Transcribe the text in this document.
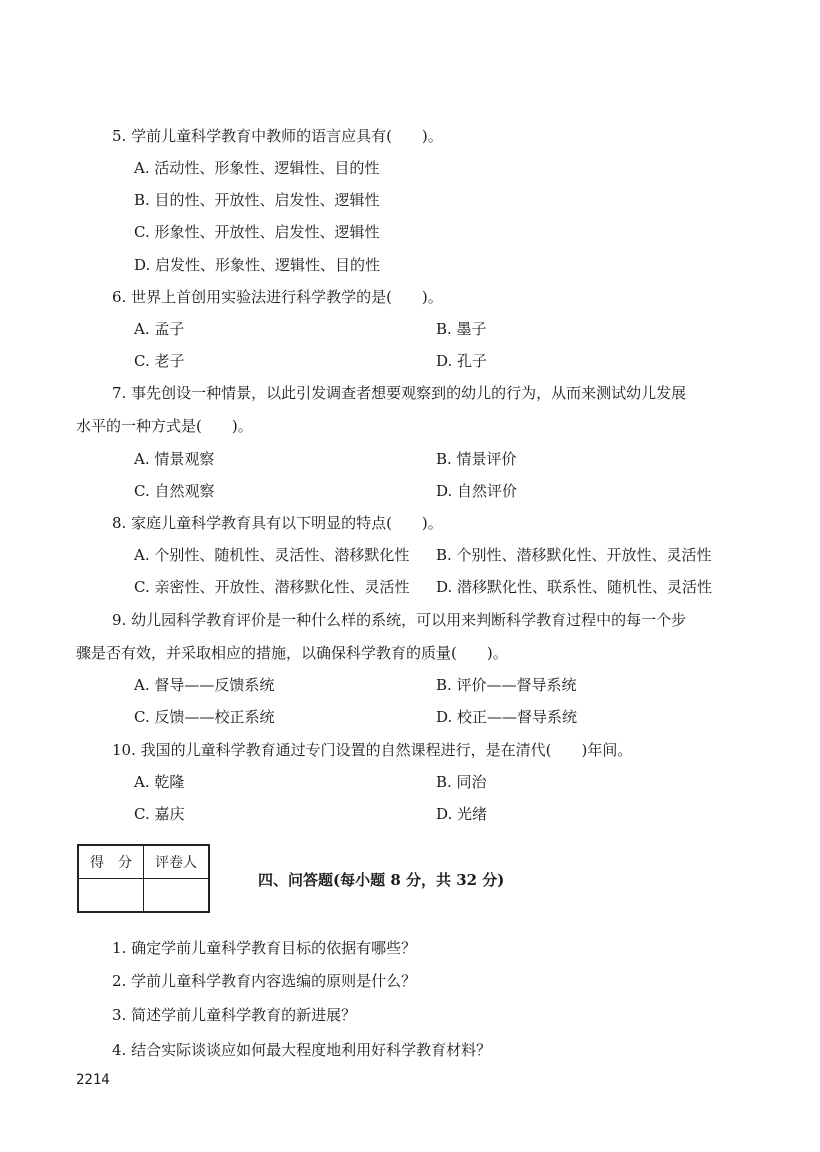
5. 学前儿童科学教育中教师的语言应具有(　　)。
A. 活动性、形象性、逻辑性、目的性
B. 目的性、开放性、启发性、逻辑性
C. 形象性、开放性、启发性、逻辑性
D. 启发性、形象性、逻辑性、目的性
6. 世界上首创用实验法进行科学教学的是(　　)。
A. 孟子	B. 墨子
C. 老子	D. 孔子
7. 事先创设一种情景，以此引发调查者想要观察到的幼儿的行为，从而来测试幼儿发展
水平的一种方式是(　　)。
A. 情景观察	B. 情景评价
C. 自然观察	D. 自然评价
8. 家庭儿童科学教育具有以下明显的特点(　　)。
A. 个别性、随机性、灵活性、潜移默化性 B. 个别性、潜移默化性、开放性、灵活性
C. 亲密性、开放性、潜移默化性、灵活性 D. 潜移默化性、联系性、随机性、灵活性
9. 幼儿园科学教育评价是一种什么样的系统，可以用来判断科学教育过程中的每一个步
骤是否有效，并采取相应的措施，以确保科学教育的质量(　　)。
A. 督导——反馈系统	B. 评价——督导系统
C. 反馈——校正系统	D. 校正——督导系统
10. 我国的儿童科学教育通过专门设置的自然课程进行，是在清代(　　)年间。
A. 乾隆	B. 同治
C. 嘉庆	D. 光绪
得　分	评卷人

四、问答题(每小题 8 分，共 32 分)
1. 确定学前儿童科学教育目标的依据有哪些？
2. 学前儿童科学教育内容选编的原则是什么？
3. 简述学前儿童科学教育的新进展？
4. 结合实际谈谈应如何最大程度地利用好科学教育材料？
2214
